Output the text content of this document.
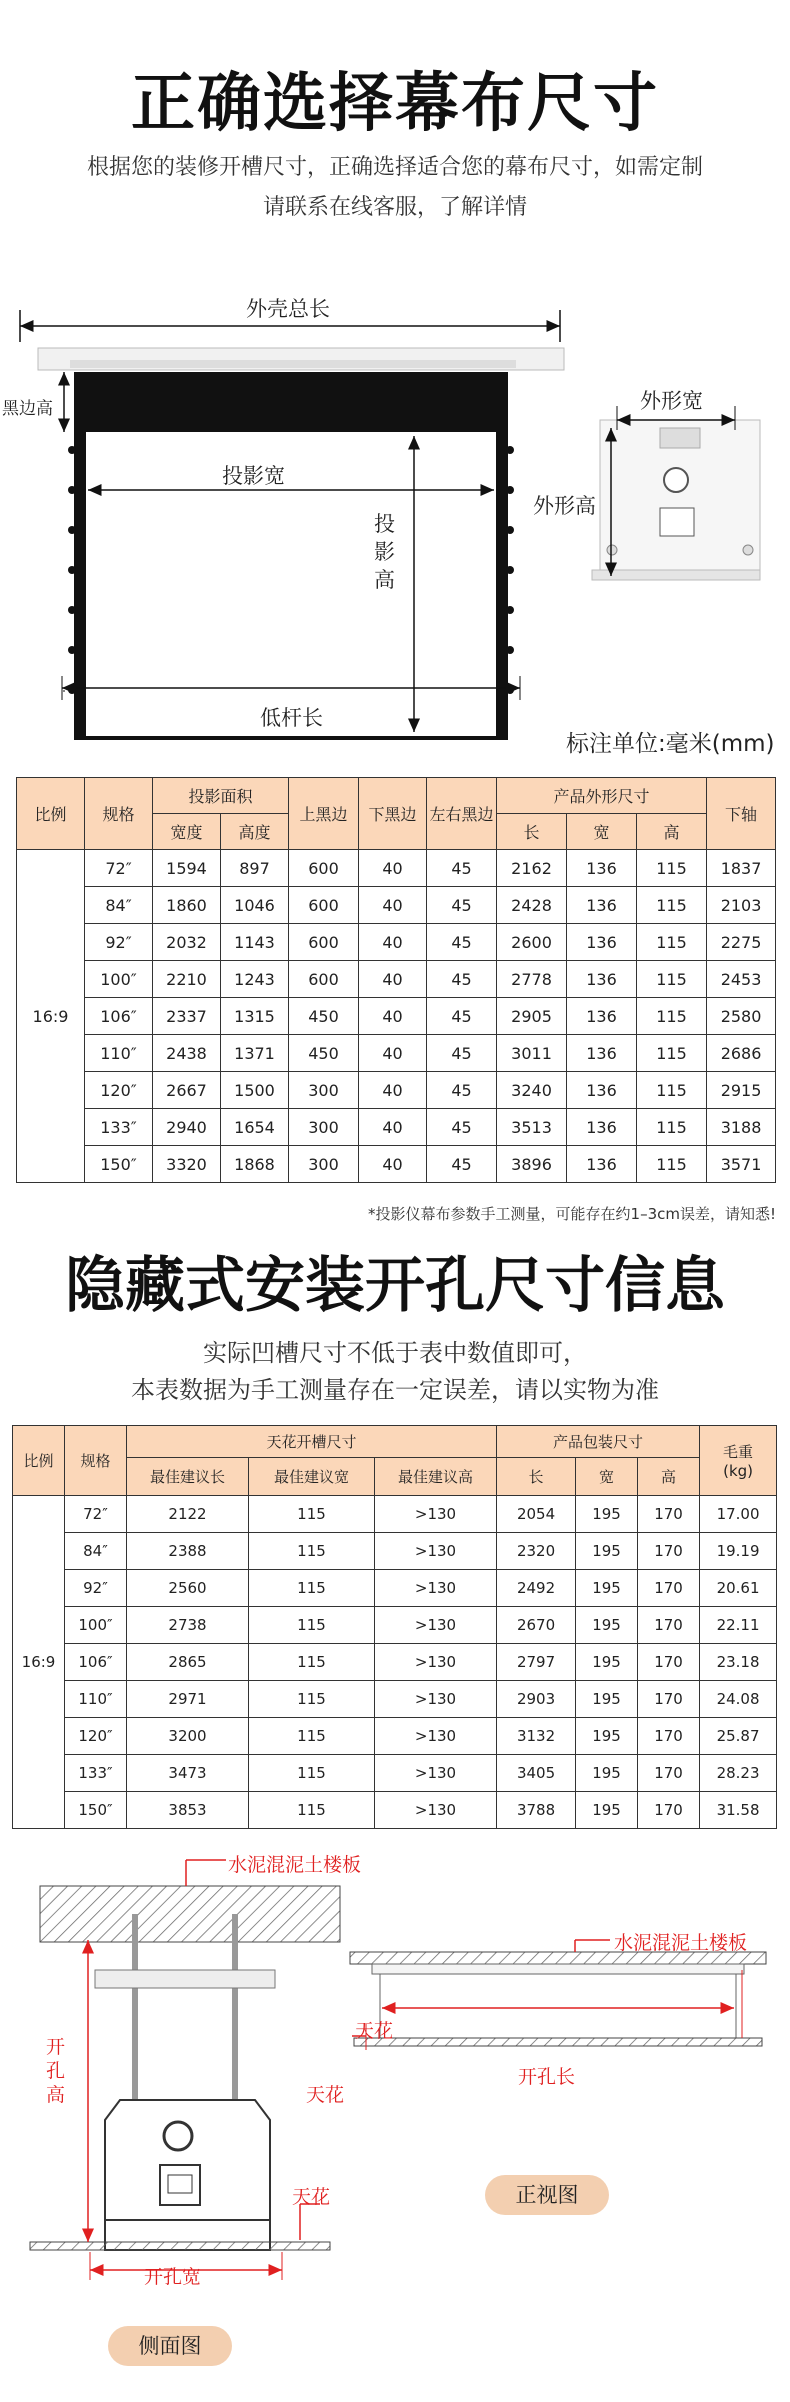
正确选择幕布尺寸
根据您的装修开槽尺寸，正确选择适合您的幕布尺寸，如需定制
请联系在线客服，了解详情
外壳总长
黑边高
投影宽
投影高
低杆长
外形宽
外形高
标注单位:毫米(mm)
比例	规格	投影面积		上黑边	下黑边	左右黑边	产品外形尺寸			下轴
		宽度	高度				长	宽	高	
16:9	72″	1594	897	600	40	45	2162	136	115	1837
	84″	1860	1046	600	40	45	2428	136	115	2103
	92″	2032	1143	600	40	45	2600	136	115	2275
	100″	2210	1243	600	40	45	2778	136	115	2453
	106″	2337	1315	450	40	45	2905	136	115	2580
	110″	2438	1371	450	40	45	3011	136	115	2686
	120″	2667	1500	300	40	45	3240	136	115	2915
	133″	2940	1654	300	40	45	3513	136	115	3188
	150″	3320	1868	300	40	45	3896	136	115	3571
*投影仪幕布参数手工测量，可能存在约1–3cm误差，请知悉!
隐藏式安装开孔尺寸信息
实际凹槽尺寸不低于表中数值即可，
本表数据为手工测量存在一定误差，请以实物为准
比例	规格	天花开槽尺寸			产品包装尺寸			毛重
(kg)

		最佳建议长	最佳建议宽	最佳建议高	长	宽	高	
16:9	72″	2122	115	>130	2054	195	170	17.00
	84″	2388	115	>130	2320	195	170	19.19
	92″	2560	115	>130	2492	195	170	20.61
	100″	2738	115	>130	2670	195	170	22.11
	106″	2865	115	>130	2797	195	170	23.18
	110″	2971	115	>130	2903	195	170	24.08
	120″	3200	115	>130	3132	195	170	25.87
	133″	3473	115	>130	3405	195	170	28.23
	150″	3853	115	>130	3788	195	170	31.58
水泥混泥土楼板
开孔高	天花
天花
开孔宽
侧面图
水泥混泥土楼板
开孔长
天花
正视图
